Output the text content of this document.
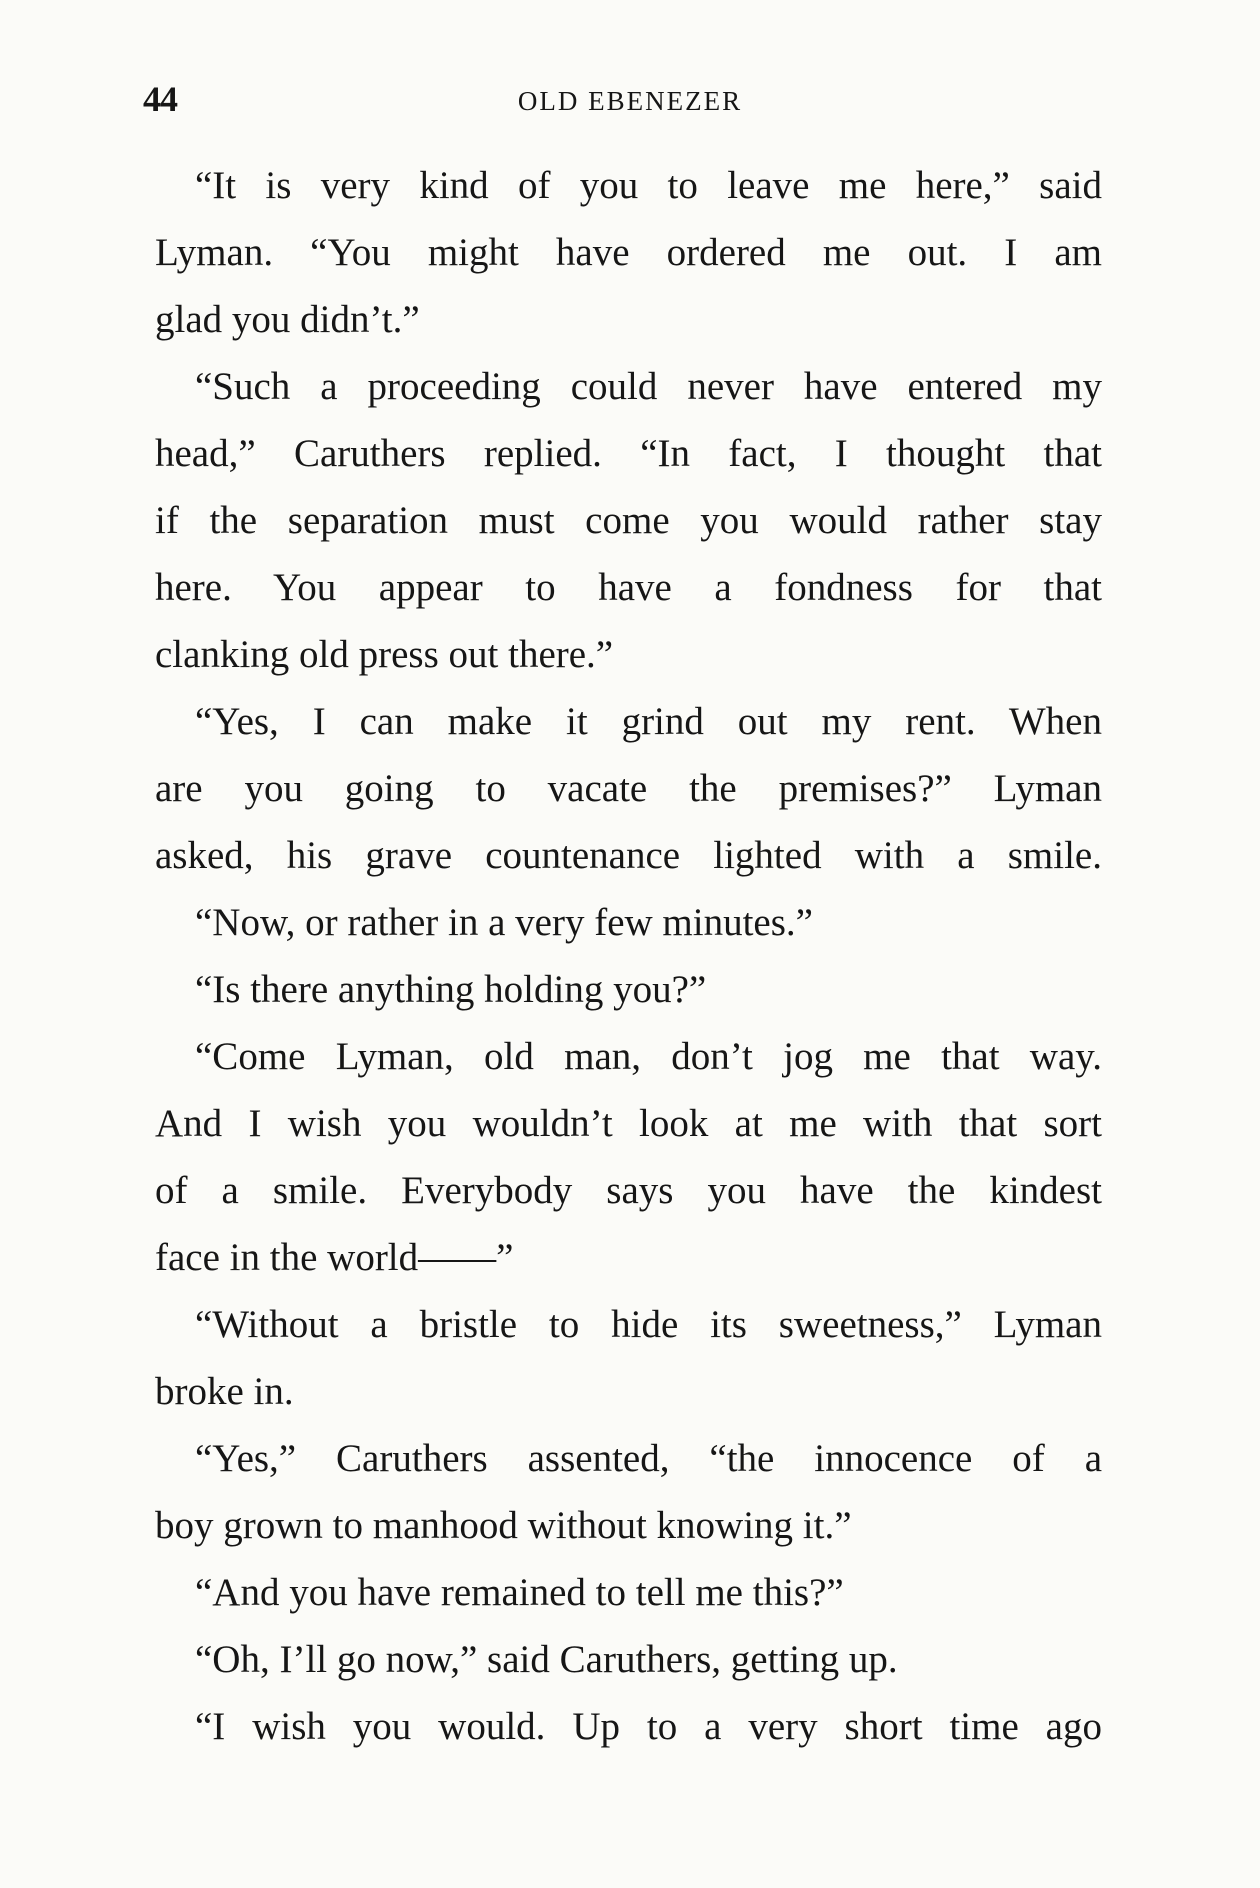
44	OLD EBENEZER
“It is very kind of you to leave me here,” said
Lyman. “You might have ordered me out. I am
glad you didn’t.”
“Such a proceeding could never have entered my
head,” Caruthers replied. “In fact, I thought that
if the separation must come you would rather stay
here. You appear to have a fondness for that
clanking old press out there.”
“Yes, I can make it grind out my rent. When
are you going to vacate the premises?” Lyman
asked, his grave countenance lighted with a smile.
“Now, or rather in a very few minutes.”
“Is there anything holding you?”
“Come Lyman, old man, don’t jog me that way.
And I wish you wouldn’t look at me with that sort
of a smile. Everybody says you have the kindest
face in the world——”
“Without a bristle to hide its sweetness,” Lyman
broke in.
“Yes,” Caruthers assented, “the innocence of a
boy grown to manhood without knowing it.”
“And you have remained to tell me this?”
“Oh, I’ll go now,” said Caruthers, getting up.
“I wish you would. Up to a very short time ago
